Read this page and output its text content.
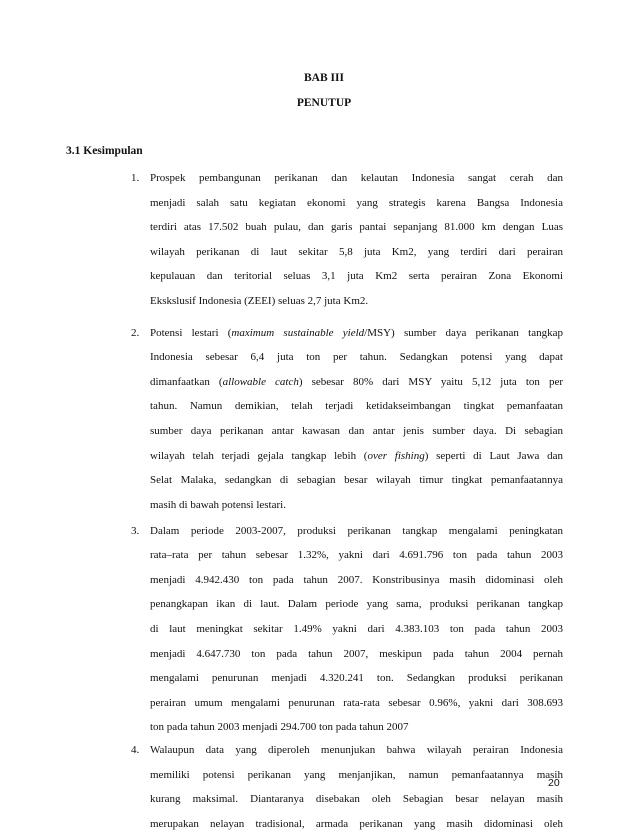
BAB III
PENUTUP
3.1 Kesimpulan
1. Prospek pembangunan perikanan dan kelautan Indonesia sangat cerah dan
menjadi salah satu kegiatan ekonomi yang strategis karena Bangsa Indonesia
terdiri atas 17.502 buah pulau, dan garis pantai sepanjang 81.000 km dengan Luas
wilayah perikanan di laut sekitar 5,8 juta Km2, yang terdiri dari perairan
kepulauan dan teritorial seluas 3,1 juta Km2 serta perairan Zona Ekonomi
Ekskslusif Indonesia (ZEEI) seluas 2,7 juta Km2.
2. Potensi lestari (maximum sustainable yield/MSY) sumber daya perikanan tangkap
Indonesia sebesar 6,4 juta ton per tahun. Sedangkan potensi yang dapat
dimanfaatkan (allowable catch) sebesar 80% dari MSY yaitu 5,12 juta ton per
tahun. Namun demikian, telah terjadi ketidakseimbangan tingkat pemanfaatan
sumber daya perikanan antar kawasan dan antar jenis sumber daya. Di sebagian
wilayah telah terjadi gejala tangkap lebih (over fishing) seperti di Laut Jawa dan
Selat Malaka, sedangkan di sebagian besar wilayah timur tingkat pemanfaatannya
masih di bawah potensi lestari.
3. Dalam periode 2003-2007, produksi perikanan tangkap mengalami peningkatan
rata–rata per tahun sebesar 1.32%, yakni dari 4.691.796 ton pada tahun 2003
menjadi 4.942.430 ton pada tahun 2007. Konstribusinya masih didominasi oleh
penangkapan ikan di laut. Dalam periode yang sama, produksi perikanan tangkap
di laut meningkat sekitar 1.49% yakni dari 4.383.103 ton pada tahun 2003
menjadi 4.647.730 ton pada tahun 2007, meskipun pada tahun 2004 pernah
mengalami penurunan menjadi 4.320.241 ton. Sedangkan produksi perikanan
perairan umum mengalami penurunan rata-rata sebesar 0.96%, yakni dari 308.693
ton pada tahun 2003 menjadi 294.700 ton pada tahun 2007
4. Walaupun data yang diperoleh menunjukan bahwa wilayah perairan Indonesia
memiliki potensi perikanan yang menjanjikan, namun pemanfaatannya masih
kurang maksimal. Diantaranya disebakan oleh Sebagian besar nelayan masih
merupakan nelayan tradisional, armada perikanan yang masih didominasi oleh
20
